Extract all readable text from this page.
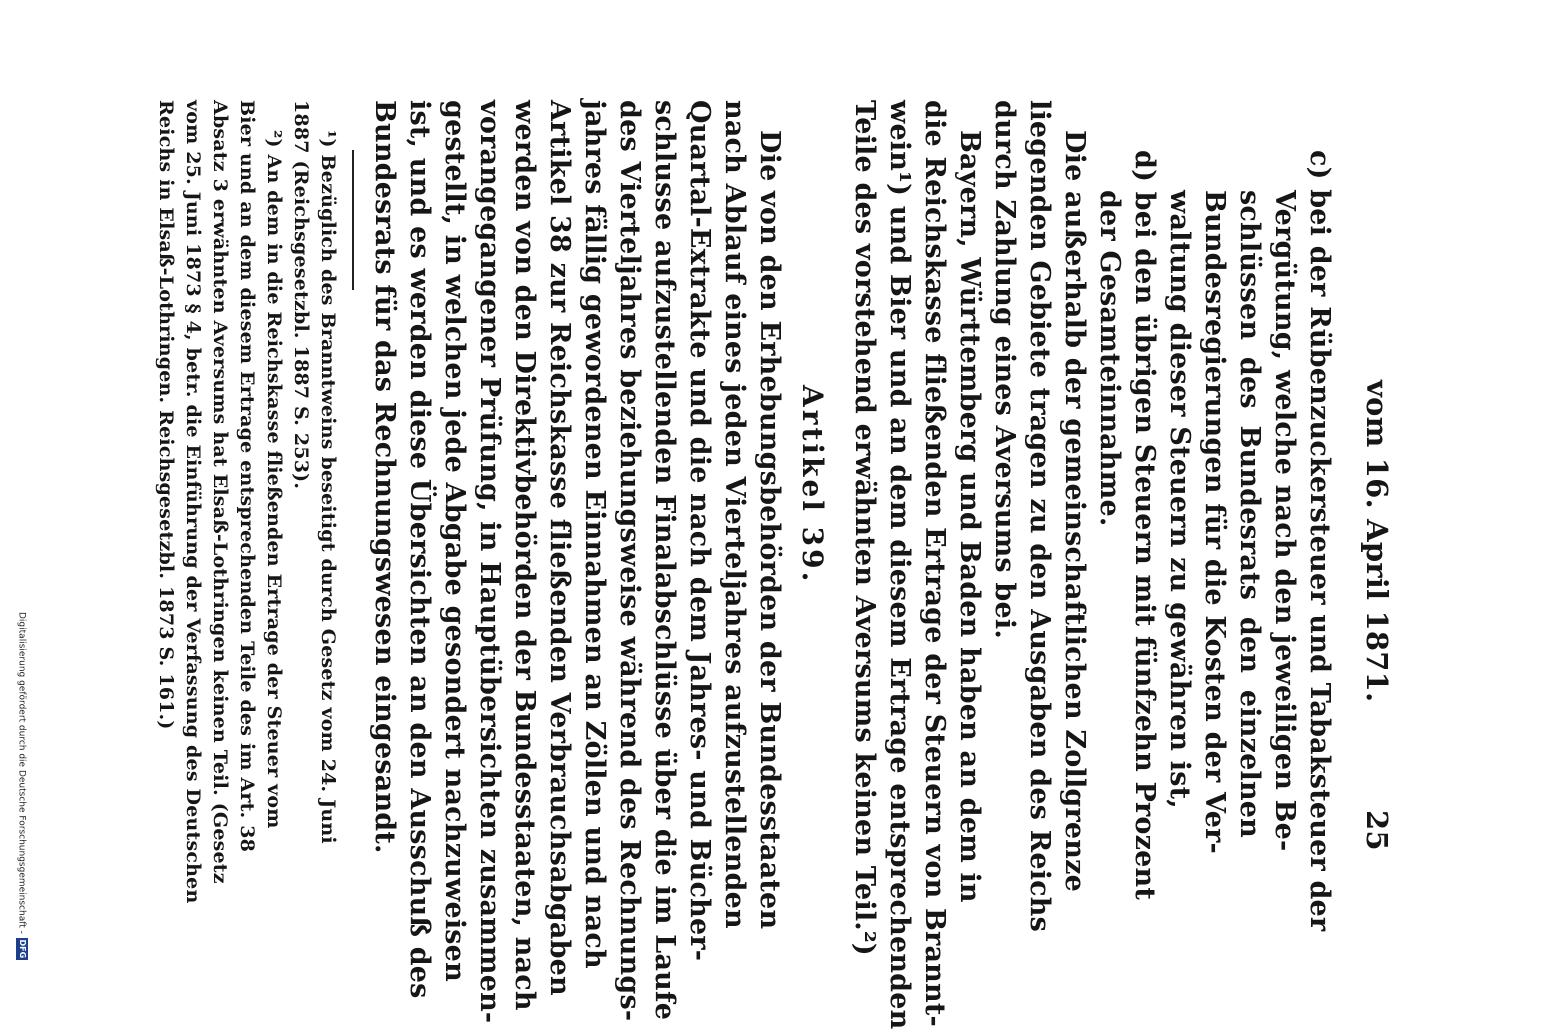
vom 16. April 1871.
25
c) bei der Rübenzuckersteuer und Tabaksteuer der
Vergütung, welche nach den jeweiligen Be-
schlüssen des Bundesrats den einzelnen
Bundesregierungen für die Kosten der Ver-
waltung dieser Steuern zu gewähren ist,
d) bei den übrigen Steuern mit fünfzehn Prozent
der Gesamteinnahme.
Die außerhalb der gemeinschaftlichen Zollgrenze
liegenden Gebiete tragen zu den Ausgaben des Reichs
durch Zahlung eines Aversums bei.
Bayern, Württemberg und Baden haben an dem in
die Reichskasse fließenden Ertrage der Steuern von Brannt-
wein¹) und Bier und an dem diesem Ertrage entsprechenden
Teile des vorstehend erwähnten Aversums keinen Teil.²)
Artikel 39.
Die von den Erhebungsbehörden der Bundesstaaten
nach Ablauf eines jeden Vierteljahres aufzustellenden
Quartal-Extrakte und die nach dem Jahres- und Bücher-
schlusse aufzustellenden Finalabschlüsse über die im Laufe
des Vierteljahres beziehungsweise während des Rechnungs-
jahres fällig gewordenen Einnahmen an Zöllen und nach
Artikel 38 zur Reichskasse fließenden Verbrauchsabgaben
werden von den Direktivbehörden der Bundesstaaten, nach
vorangegangener Prüfung, in Hauptübersichten zusammen-
gestellt, in welchen jede Abgabe gesondert nachzuweisen
ist, und es werden diese Übersichten an den Ausschuß des
Bundesrats für das Rechnungswesen eingesandt.
¹) Bezüglich des Branntweins beseitigt durch Gesetz vom 24. Juni
1887 (Reichsgesetzbl. 1887 S. 253).
²) An dem in die Reichskasse fließenden Ertrage der Steuer vom
Bier und an dem diesem Ertrage entsprechenden Teile des im Art. 38
Absatz 3 erwähnten Aversums hat Elsaß-Lothringen keinen Teil. (Gesetz
vom 25. Juni 1873 § 4, betr. die Einführung der Verfassung des Deutschen
Reichs in Elsaß-Lothringen. Reichsgesetzbl. 1873 S. 161.)
Digitalisierung gefördert durch die Deutsche Forschungsgemeinschaft -DFG
